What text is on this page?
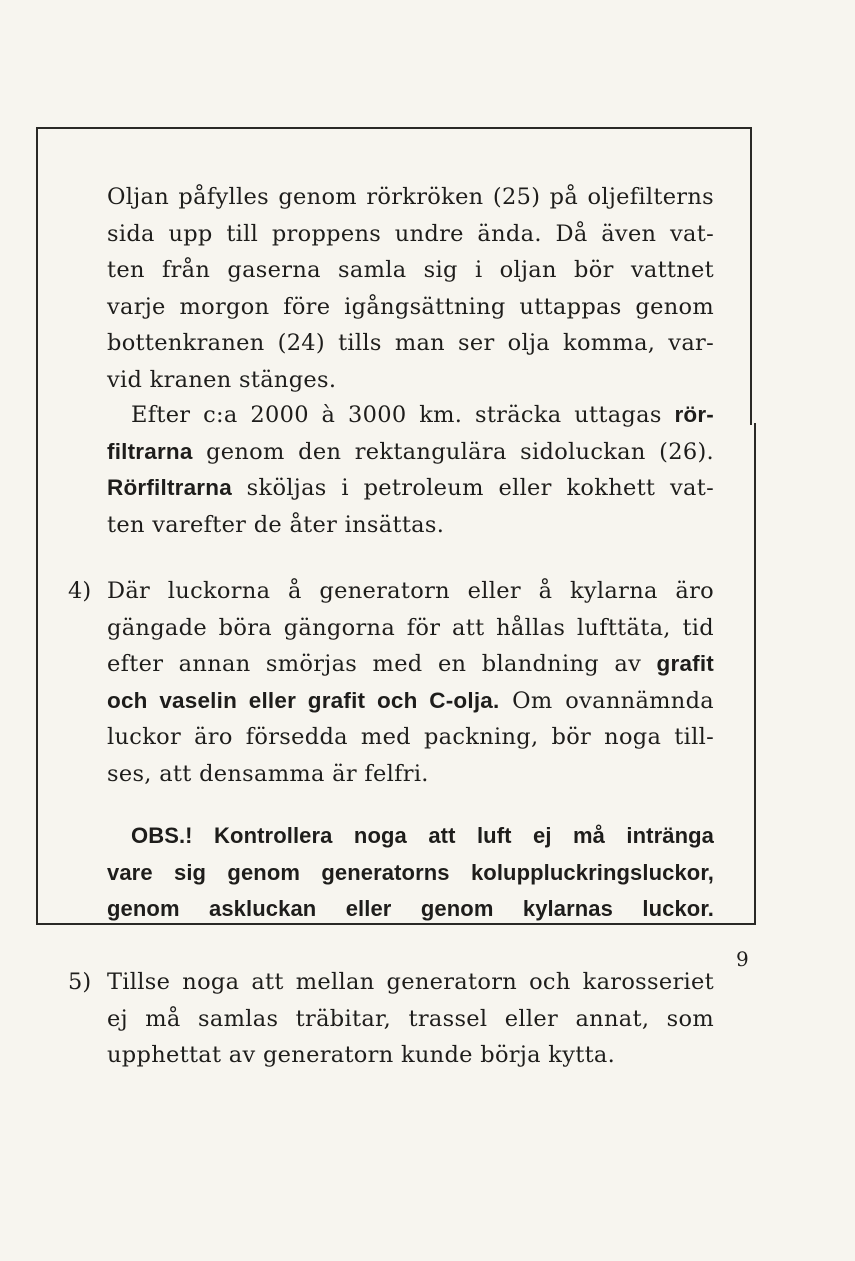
Oljan påfylles genom rörkröken (25) på oljefilterns
sida upp till proppens undre ända. Då även vat-
ten från gaserna samla sig i oljan bör vattnet
varje morgon före igångsättning uttappas genom
bottenkranen (24) tills man ser olja komma, var-
vid kranen stänges.
Efter c:a 2000 à 3000 km. sträcka uttagas rör-
filtrarna genom den rektangulära sidoluckan (26).
Rörfiltrarna sköljas i petroleum eller kokhett vat-
ten varefter de åter insättas.
4) Där luckorna å generatorn eller å kylarna äro
gängade böra gängorna för att hållas lufttäta, tid
efter annan smörjas med en blandning av grafit
och vaselin eller grafit och C-olja. Om ovannämnda
luckor äro försedda med packning, bör noga till-
ses, att densamma är felfri.
OBS.! Kontrollera noga att luft ej må intränga
vare sig genom generatorns koluppluckringsluckor,
genom askluckan eller genom kylarnas luckor.
5) Tillse noga att mellan generatorn och karosseriet
ej må samlas träbitar, trassel eller annat, som
upphettat av generatorn kunde börja kytta.
9
